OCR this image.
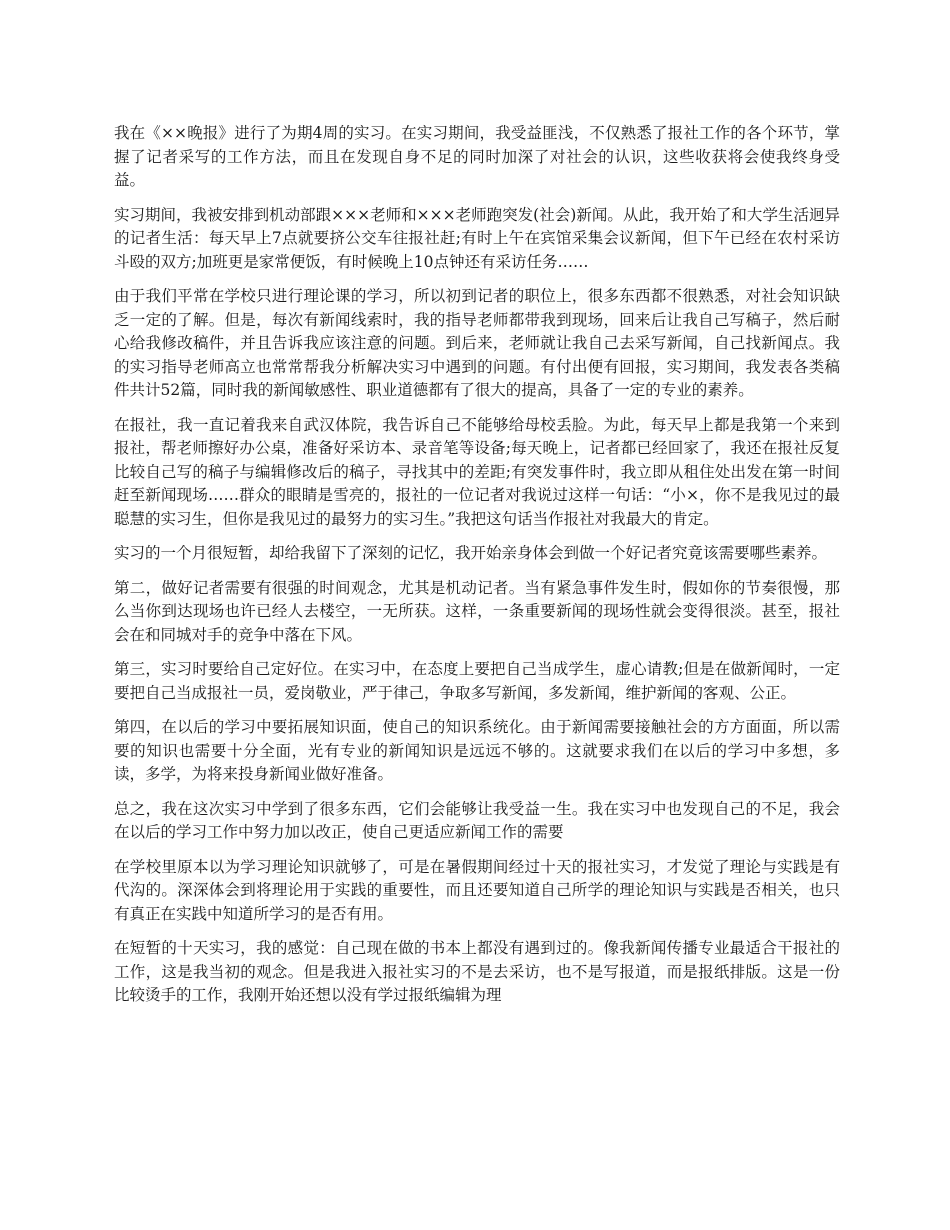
我在《××晚报》进行了为期4周的实习。在实习期间，我受益匪浅，不仅熟悉了报社工作的各个环节，掌握了记者采写的工作方法，而且在发现自身不足的同时加深了对社会的认识，这些收获将会使我终身受益。

实习期间，我被安排到机动部跟×××老师和×××老师跑突发(社会)新闻。从此，我开始了和大学生活迥异的记者生活：每天早上7点就要挤公交车往报社赶;有时上午在宾馆采集会议新闻，但下午已经在农村采访斗殴的双方;加班更是家常便饭，有时候晚上10点钟还有采访任务……

由于我们平常在学校只进行理论课的学习，所以初到记者的职位上，很多东西都不很熟悉，对社会知识缺乏一定的了解。但是，每次有新闻线索时，我的指导老师都带我到现场，回来后让我自己写稿子，然后耐心给我修改稿件，并且告诉我应该注意的问题。到后来，老师就让我自己去采写新闻，自己找新闻点。我的实习指导老师高立也常常帮我分析解决实习中遇到的问题。有付出便有回报，实习期间，我发表各类稿件共计52篇，同时我的新闻敏感性、职业道德都有了很大的提高，具备了一定的专业的素养。

在报社，我一直记着我来自武汉体院，我告诉自己不能够给母校丢脸。为此，每天早上都是我第一个来到报社，帮老师擦好办公桌，准备好采访本、录音笔等设备;每天晚上，记者都已经回家了，我还在报社反复比较自己写的稿子与编辑修改后的稿子，寻找其中的差距;有突发事件时，我立即从租住处出发在第一时间赶至新闻现场……群众的眼睛是雪亮的，报社的一位记者对我说过这样一句话：“小×，你不是我见过的最聪慧的实习生，但你是我见过的最努力的实习生。”我把这句话当作报社对我最大的肯定。

实习的一个月很短暂，却给我留下了深刻的记忆，我开始亲身体会到做一个好记者究竟该需要哪些素养。

第二，做好记者需要有很强的时间观念，尤其是机动记者。当有紧急事件发生时，假如你的节奏很慢，那么当你到达现场也许已经人去楼空，一无所获。这样，一条重要新闻的现场性就会变得很淡。甚至，报社会在和同城对手的竞争中落在下风。

第三，实习时要给自己定好位。在实习中，在态度上要把自己当成学生，虚心请教;但是在做新闻时，一定要把自己当成报社一员，爱岗敬业，严于律己，争取多写新闻，多发新闻，维护新闻的客观、公正。

第四，在以后的学习中要拓展知识面，使自己的知识系统化。由于新闻需要接触社会的方方面面，所以需要的知识也需要十分全面，光有专业的新闻知识是远远不够的。这就要求我们在以后的学习中多想，多读，多学，为将来投身新闻业做好准备。

总之，我在这次实习中学到了很多东西，它们会能够让我受益一生。我在实习中也发现自己的不足，我会在以后的学习工作中努力加以改正，使自己更适应新闻工作的需要

在学校里原本以为学习理论知识就够了，可是在暑假期间经过十天的报社实习，才发觉了理论与实践是有代沟的。深深体会到将理论用于实践的重要性，而且还要知道自己所学的理论知识与实践是否相关，也只有真正在实践中知道所学习的是否有用。

在短暂的十天实习，我的感觉：自己现在做的书本上都没有遇到过的。像我新闻传播专业最适合干报社的工作，这是我当初的观念。但是我进入报社实习的不是去采访，也不是写报道，而是报纸排版。这是一份比较烫手的工作，我刚开始还想以没有学过报纸编辑为理
